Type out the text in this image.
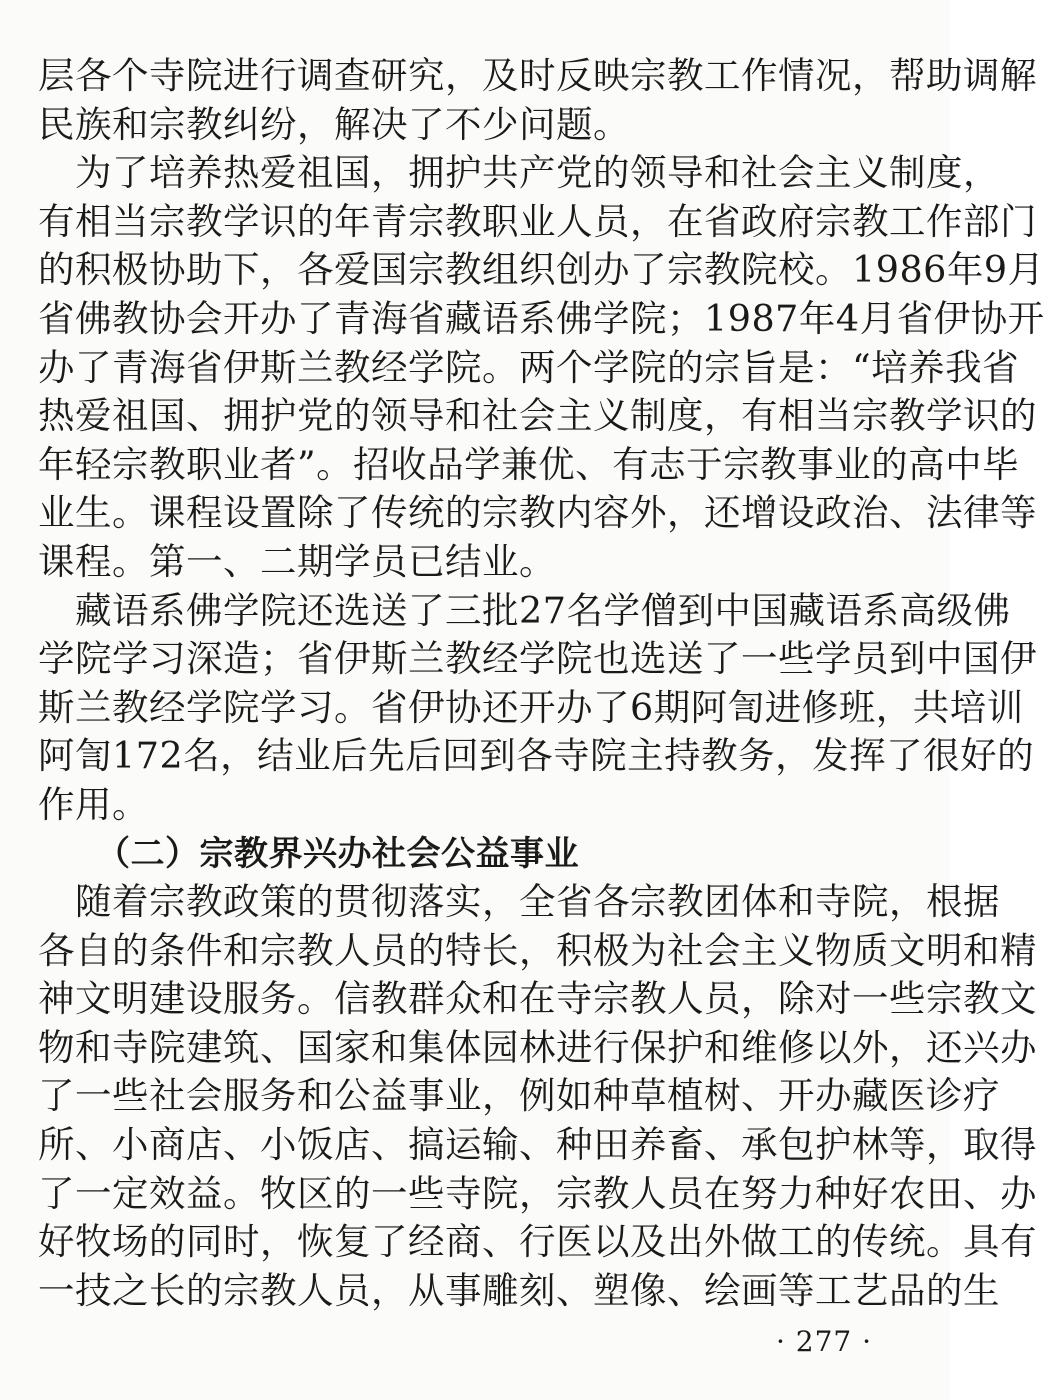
层各个寺院进行调查研究，及时反映宗教工作情况，帮助调解
民族和宗教纠纷，解决了不少问题。
　为了培养热爱祖国，拥护共产党的领导和社会主义制度，
有相当宗教学识的年青宗教职业人员，在省政府宗教工作部门
的积极协助下，各爱国宗教组织创办了宗教院校。1986年9月
省佛教协会开办了青海省藏语系佛学院；1987年4月省伊协开
办了青海省伊斯兰教经学院。两个学院的宗旨是：“培养我省
热爱祖国、拥护党的领导和社会主义制度，有相当宗教学识的
年轻宗教职业者”。招收品学兼优、有志于宗教事业的高中毕
业生。课程设置除了传统的宗教内容外，还增设政治、法律等
课程。第一、二期学员已结业。
　藏语系佛学院还选送了三批27名学僧到中国藏语系高级佛
学院学习深造；省伊斯兰教经学院也选送了一些学员到中国伊
斯兰教经学院学习。省伊协还开办了6期阿訇进修班，共培训
阿訇172名，结业后先后回到各寺院主持教务，发挥了很好的
作用。
（二）宗教界兴办社会公益事业
　随着宗教政策的贯彻落实，全省各宗教团体和寺院，根据
各自的条件和宗教人员的特长，积极为社会主义物质文明和精
神文明建设服务。信教群众和在寺宗教人员，除对一些宗教文
物和寺院建筑、国家和集体园林进行保护和维修以外，还兴办
了一些社会服务和公益事业，例如种草植树、开办藏医诊疗
所、小商店、小饭店、搞运输、种田养畜、承包护林等，取得
了一定效益。牧区的一些寺院，宗教人员在努力种好农田、办
好牧场的同时，恢复了经商、行医以及出外做工的传统。具有
一技之长的宗教人员，从事雕刻、塑像、绘画等工艺品的生
· 277 ·
